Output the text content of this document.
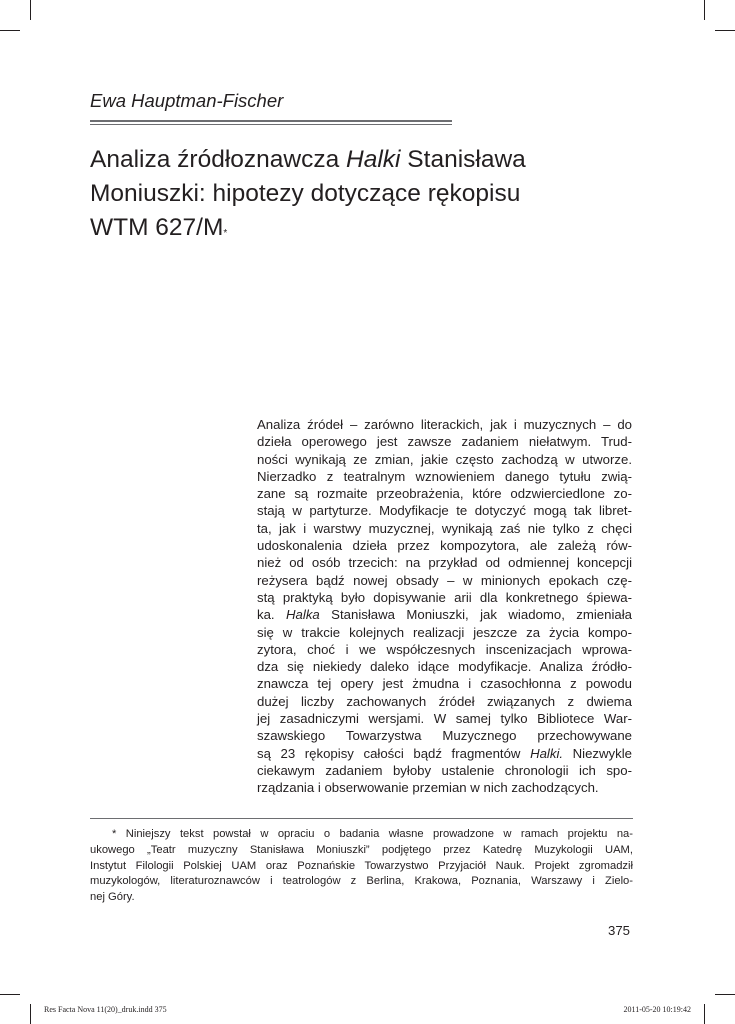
Ewa Hauptman-Fischer

Analiza źródłoznawcza Halki Stanisława
Moniuszki: hipotezy dotyczące rękopisu
WTM 627/M*
Analiza źródeł – zarówno literackich, jak i muzycznych – do
dzieła operowego jest zawsze zadaniem niełatwym. Trud-
ności wynikają ze zmian, jakie często zachodzą w utworze.
Nierzadko z teatralnym wznowieniem danego tytułu zwią-
zane są rozmaite przeobrażenia, które odzwierciedlone zo-
stają w partyturze. Modyfikacje te dotyczyć mogą tak libret-
ta, jak i warstwy muzycznej, wynikają zaś nie tylko z chęci
udoskonalenia dzieła przez kompozytora, ale zależą rów-
nież od osób trzecich: na przykład od odmiennej koncepcji
reżysera bądź nowej obsady – w minionych epokach czę-
stą praktyką było dopisywanie arii dla konkretnego śpiewa-
ka. Halka Stanisława Moniuszki, jak wiadomo, zmieniała
się w trakcie kolejnych realizacji jeszcze za życia kompo-
zytora, choć i we współczesnych inscenizacjach wprowa-
dza się niekiedy daleko idące modyfikacje. Analiza źródło-
znawcza tej opery jest żmudna i czasochłonna z powodu
dużej liczby zachowanych źródeł związanych z dwiema
jej zasadniczymi wersjami. W samej tylko Bibliotece War-
szawskiego Towarzystwa Muzycznego przechowywane
są 23 rękopisy całości bądź fragmentów Halki. Niezwykle
ciekawym zadaniem byłoby ustalenie chronologii ich spo-
rządzania i obserwowanie przemian w nich zachodzących.
* Niniejszy tekst powstał w opraciu o badania własne prowadzone w ramach projektu na-
ukowego „Teatr muzyczny Stanisława Moniuszki” podjętego przez Katedrę Muzykologii UAM,
Instytut Filologii Polskiej UAM oraz Poznańskie Towarzystwo Przyjaciół Nauk. Projekt zgromadził
muzykologów, literaturoznawców i teatrologów z Berlina, Krakowa, Poznania, Warszawy i Zielo-
nej Góry.

375

Res Facta Nova 11(20)_druk.indd 375	2011-05-20 10:19:42
